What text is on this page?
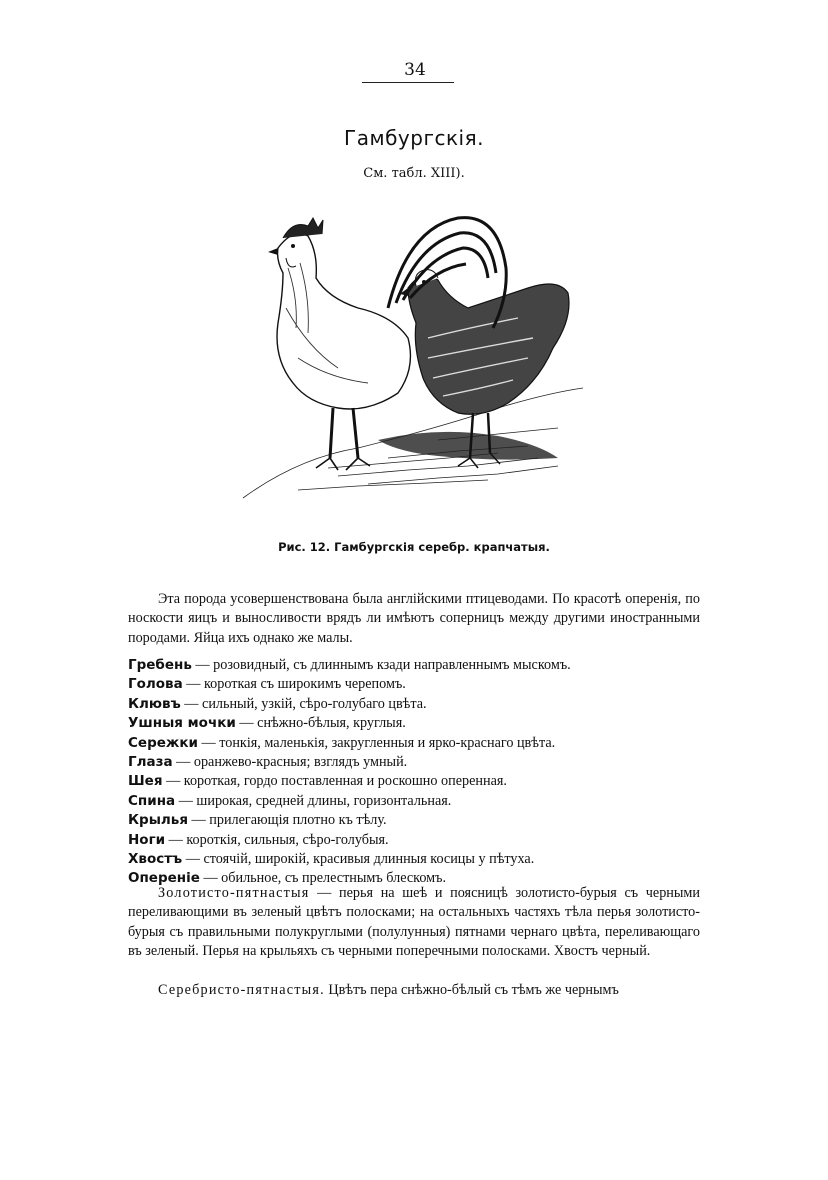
34
Гамбургскія.
См. табл. XIII).
Рис. 12. Гамбургскія серебр. крапчатыя.
Эта порода усовершенствована была англійскими птицеводами. По красотѣ оперенія, по носкости яицъ и выносливости врядъ ли имѣютъ соперницъ между другими иностранными породами. Яйца ихъ однако же малы.
Гребень — розовидный, съ длиннымъ кзади направленнымъ мыскомъ.
Голова — короткая съ широкимъ черепомъ.
Клювъ — сильный, узкій, сѣро-голубаго цвѣта.
Ушныя мочки — снѣжно-бѣлыя, круглыя.
Сережки — тонкія, маленькія, закругленныя и ярко-краснаго цвѣта.
Глаза — оранжево-красныя; взглядъ умный.
Шея — короткая, гордо поставленная и роскошно оперенная.
Спина — широкая, средней длины, горизонтальная.
Крылья — прилегающія плотно къ тѣлу.
Ноги — короткія, сильныя, сѣро-голубыя.
Хвостъ — стоячій, широкій, красивыя длинныя косицы у пѣтуха.
Опереніе — обильное, съ прелестнымъ блескомъ.
Золотисто-пятнастыя — перья на шеѣ и поясницѣ золотисто-бурыя съ черными переливающими въ зеленый цвѣтъ полосками; на остальныхъ частяхъ тѣла перья золотисто-бурыя съ правильными полукруглыми (полулунныя) пятнами чернаго цвѣта, переливающаго въ зеленый. Перья на крыльяхъ съ черными поперечными полосками. Хвостъ черный.
Серебристо-пятнастыя. Цвѣтъ пера снѣжно-бѣлый съ тѣмъ же чернымъ
